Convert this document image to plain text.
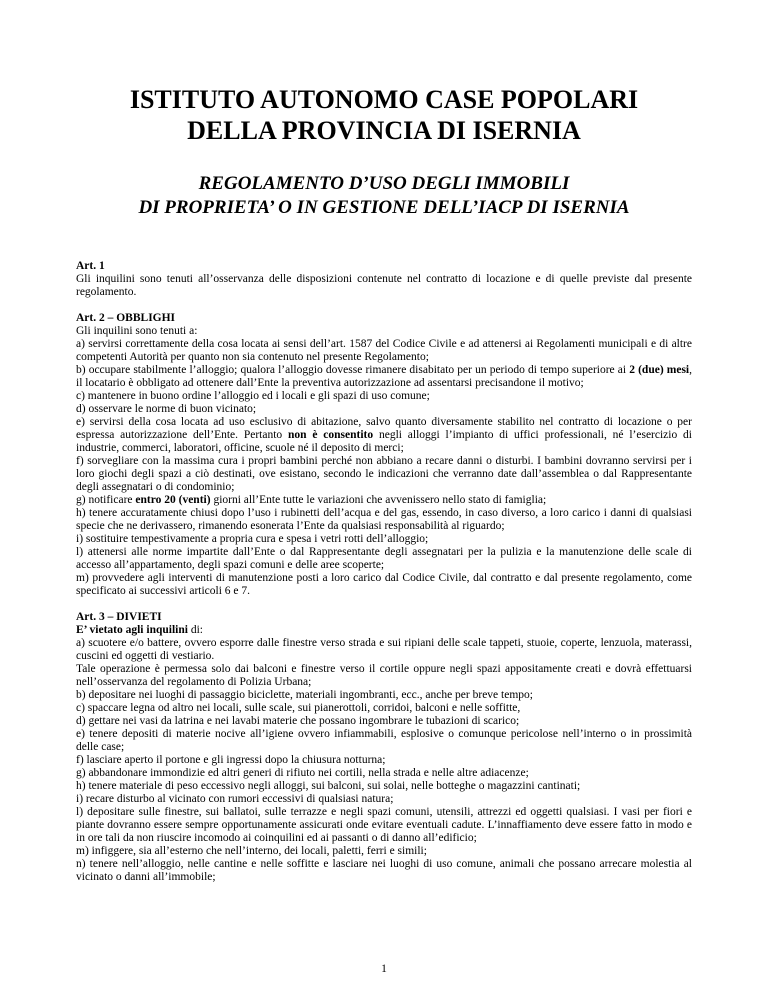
ISTITUTO AUTONOMO CASE POPOLARI
DELLA PROVINCIA DI ISERNIA
REGOLAMENTO D’USO DEGLI IMMOBILI
DI PROPRIETA’ O IN GESTIONE DELL’IACP DI ISERNIA

Art. 1

Gli inquilini sono tenuti all’osservanza delle disposizioni contenute nel contratto di locazione e di quelle previste dal presente regolamento.

Art. 2 – OBBLIGHI

Gli inquilini sono tenuti a:

a) servirsi correttamente della cosa locata ai sensi dell’art. 1587 del Codice Civile e ad attenersi ai Regolamenti municipali e di altre competenti Autorità per quanto non sia contenuto nel presente Regolamento;

b) occupare stabilmente l’alloggio; qualora l’alloggio dovesse rimanere disabitato per un periodo di tempo superiore ai 2 (due) mesi, il locatario è obbligato ad ottenere dall’Ente la preventiva autorizzazione ad assentarsi precisandone il motivo;

c) mantenere in buono ordine l’alloggio ed i locali e gli spazi di uso comune;

d) osservare le norme di buon vicinato;

e) servirsi della cosa locata ad uso esclusivo di abitazione, salvo quanto diversamente stabilito nel contratto di locazione o per espressa autorizzazione dell’Ente. Pertanto non è consentito negli alloggi l’impianto di uffici professionali, né l’esercizio di industrie, commerci, laboratori, officine, scuole né il deposito di merci;

f) sorvegliare con la massima cura i propri bambini perché non abbiano a recare danni o disturbi. I bambini dovranno servirsi per i loro giochi degli spazi a ciò destinati, ove esistano, secondo le indicazioni che verranno date dall’assemblea o dal Rappresentante degli assegnatari o di condominio;

g) notificare entro 20 (venti) giorni all’Ente tutte le variazioni che avvenissero nello stato di famiglia;

h) tenere accuratamente chiusi dopo l’uso i rubinetti dell’acqua e del gas, essendo, in caso diverso, a loro carico i danni di qualsiasi specie che ne derivassero, rimanendo esonerata l’Ente da qualsiasi responsabilità al riguardo;

i) sostituire tempestivamente a propria cura e spesa i vetri rotti dell’alloggio;

l) attenersi alle norme impartite dall’Ente o dal Rappresentante degli assegnatari per la pulizia e la manutenzione delle scale di accesso all’appartamento, degli spazi comuni e delle aree scoperte;

m) provvedere agli interventi di manutenzione posti a loro carico dal Codice Civile, dal contratto e dal presente regolamento, come specificato ai successivi articoli 6 e 7.

Art. 3 – DIVIETI

E’ vietato agli inquilini di:

a) scuotere e/o battere, ovvero esporre dalle finestre verso strada e sui ripiani delle scale tappeti, stuoie, coperte, lenzuola, materassi, cuscini ed oggetti di vestiario.

Tale operazione è permessa solo dai balconi e finestre verso il cortile oppure negli spazi appositamente creati e dovrà effettuarsi nell’osservanza del regolamento di Polizia Urbana;

b) depositare nei luoghi di passaggio biciclette, materiali ingombranti, ecc., anche per breve tempo;

c) spaccare legna od altro nei locali, sulle scale, sui pianerottoli, corridoi, balconi e nelle soffitte,

d) gettare nei vasi da latrina e nei lavabi materie che possano ingombrare le tubazioni di scarico;

e) tenere depositi di materie nocive all’igiene ovvero infiammabili, esplosive o comunque pericolose nell’interno o in prossimità delle case;

f) lasciare aperto il portone e gli ingressi dopo la chiusura notturna;

g) abbandonare immondizie ed altri generi di rifiuto nei cortili, nella strada e nelle altre adiacenze;

h) tenere materiale di peso eccessivo negli alloggi, sui balconi, sui solai, nelle botteghe o magazzini cantinati;

i) recare disturbo al vicinato con rumori eccessivi di qualsiasi natura;

l) depositare sulle finestre, sui ballatoi, sulle terrazze e negli spazi comuni, utensili, attrezzi ed oggetti qualsiasi. I vasi per fiori e piante dovranno essere sempre opportunamente assicurati onde evitare eventuali cadute. L’innaffiamento deve essere fatto in modo e in ore tali da non riuscire incomodo ai coinquilini ed ai passanti o di danno all’edificio;

m) infiggere, sia all’esterno che nell’interno, dei locali, paletti, ferri e simili;

n) tenere nell’alloggio, nelle cantine e nelle soffitte e lasciare nei luoghi di uso comune, animali che possano arrecare molestia al vicinato o danni all’immobile;

1
